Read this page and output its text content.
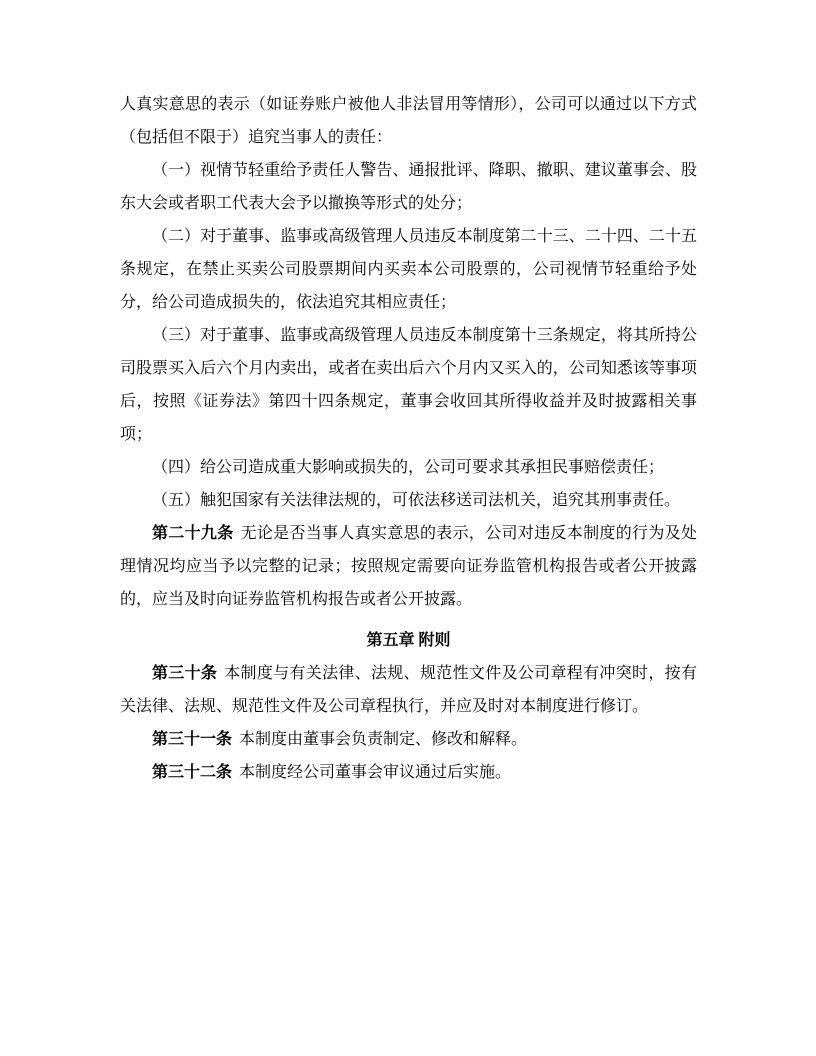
人真实意思的表示（如证券账户被他人非法冒用等情形），公司可以通过以下方式（包括但不限于）追究当事人的责任：

（一）视情节轻重给予责任人警告、通报批评、降职、撤职、建议董事会、股东大会或者职工代表大会予以撤换等形式的处分；

（二）对于董事、监事或高级管理人员违反本制度第二十三、二十四、二十五条规定，在禁止买卖公司股票期间内买卖本公司股票的，公司视情节轻重给予处分，给公司造成损失的，依法追究其相应责任；

（三）对于董事、监事或高级管理人员违反本制度第十三条规定，将其所持公司股票买入后六个月内卖出，或者在卖出后六个月内又买入的，公司知悉该等事项后，按照《证券法》第四十四条规定，董事会收回其所得收益并及时披露相关事项；

（四）给公司造成重大影响或损失的，公司可要求其承担民事赔偿责任；

（五）触犯国家有关法律法规的，可依法移送司法机关，追究其刑事责任。

第二十九条 无论是否当事人真实意思的表示，公司对违反本制度的行为及处理情况均应当予以完整的记录；按照规定需要向证券监管机构报告或者公开披露的，应当及时向证券监管机构报告或者公开披露。

第五章 附则

第三十条 本制度与有关法律、法规、规范性文件及公司章程有冲突时，按有关法律、法规、规范性文件及公司章程执行，并应及时对本制度进行修订。

第三十一条 本制度由董事会负责制定、修改和解释。

第三十二条 本制度经公司董事会审议通过后实施。
